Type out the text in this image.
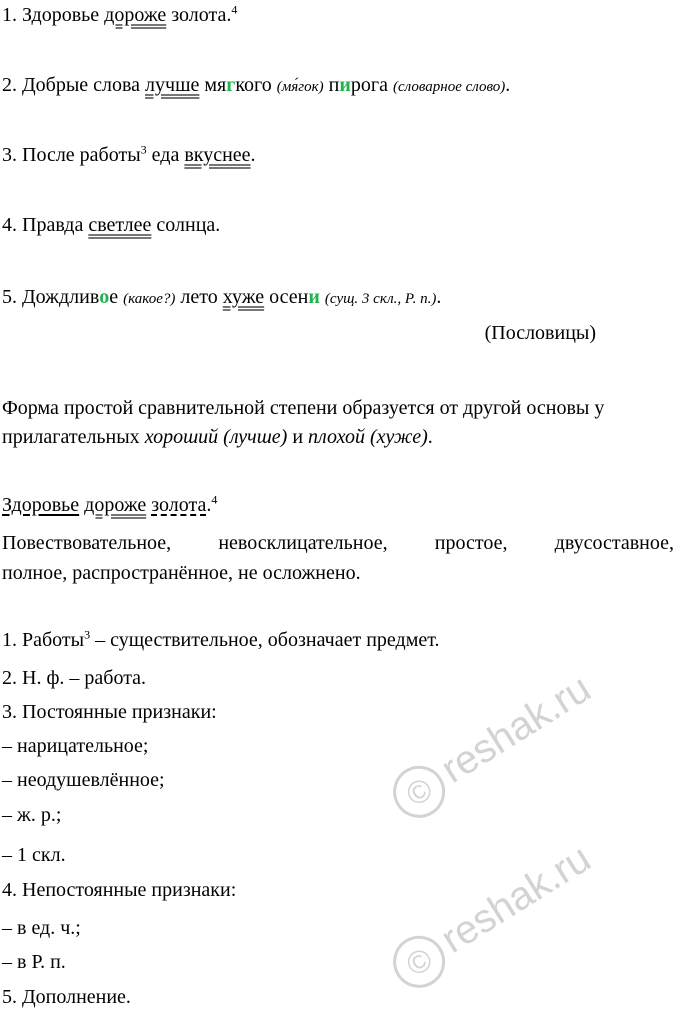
1. Здоровье дороже золота.$^4$
2. Добрые слова лучше мягкого (мя́гок) пирога (словарное слово).
3. После работы$^3$ еда вкуснее.
4. Правда светлее солнца.
5. Дождливое (какое?) лето хуже осени (сущ. 3 скл., Р. п.).
(Пословицы)
Форма простой сравнительной степени образуется от другой основы у
прилагательных хороший (лучше) и плохой (хуже).
Здоровье дороже золота.$^4$
Повествовательное, невосклицательное, простое, двусоставное,
полное, распространённое, не осложнено.
1. Работы$^3$ – существительное, обозначает предмет.
2. Н. ф. – работа.
3. Постоянные признаки:
– нарицательное;
– неодушевлённое;
– ж. р.;
– 1 скл.
4. Непостоянные признаки:
– в ед. ч.;
– в Р. п.
5. Дополнение.
©reshak.ru
©reshak.ru
